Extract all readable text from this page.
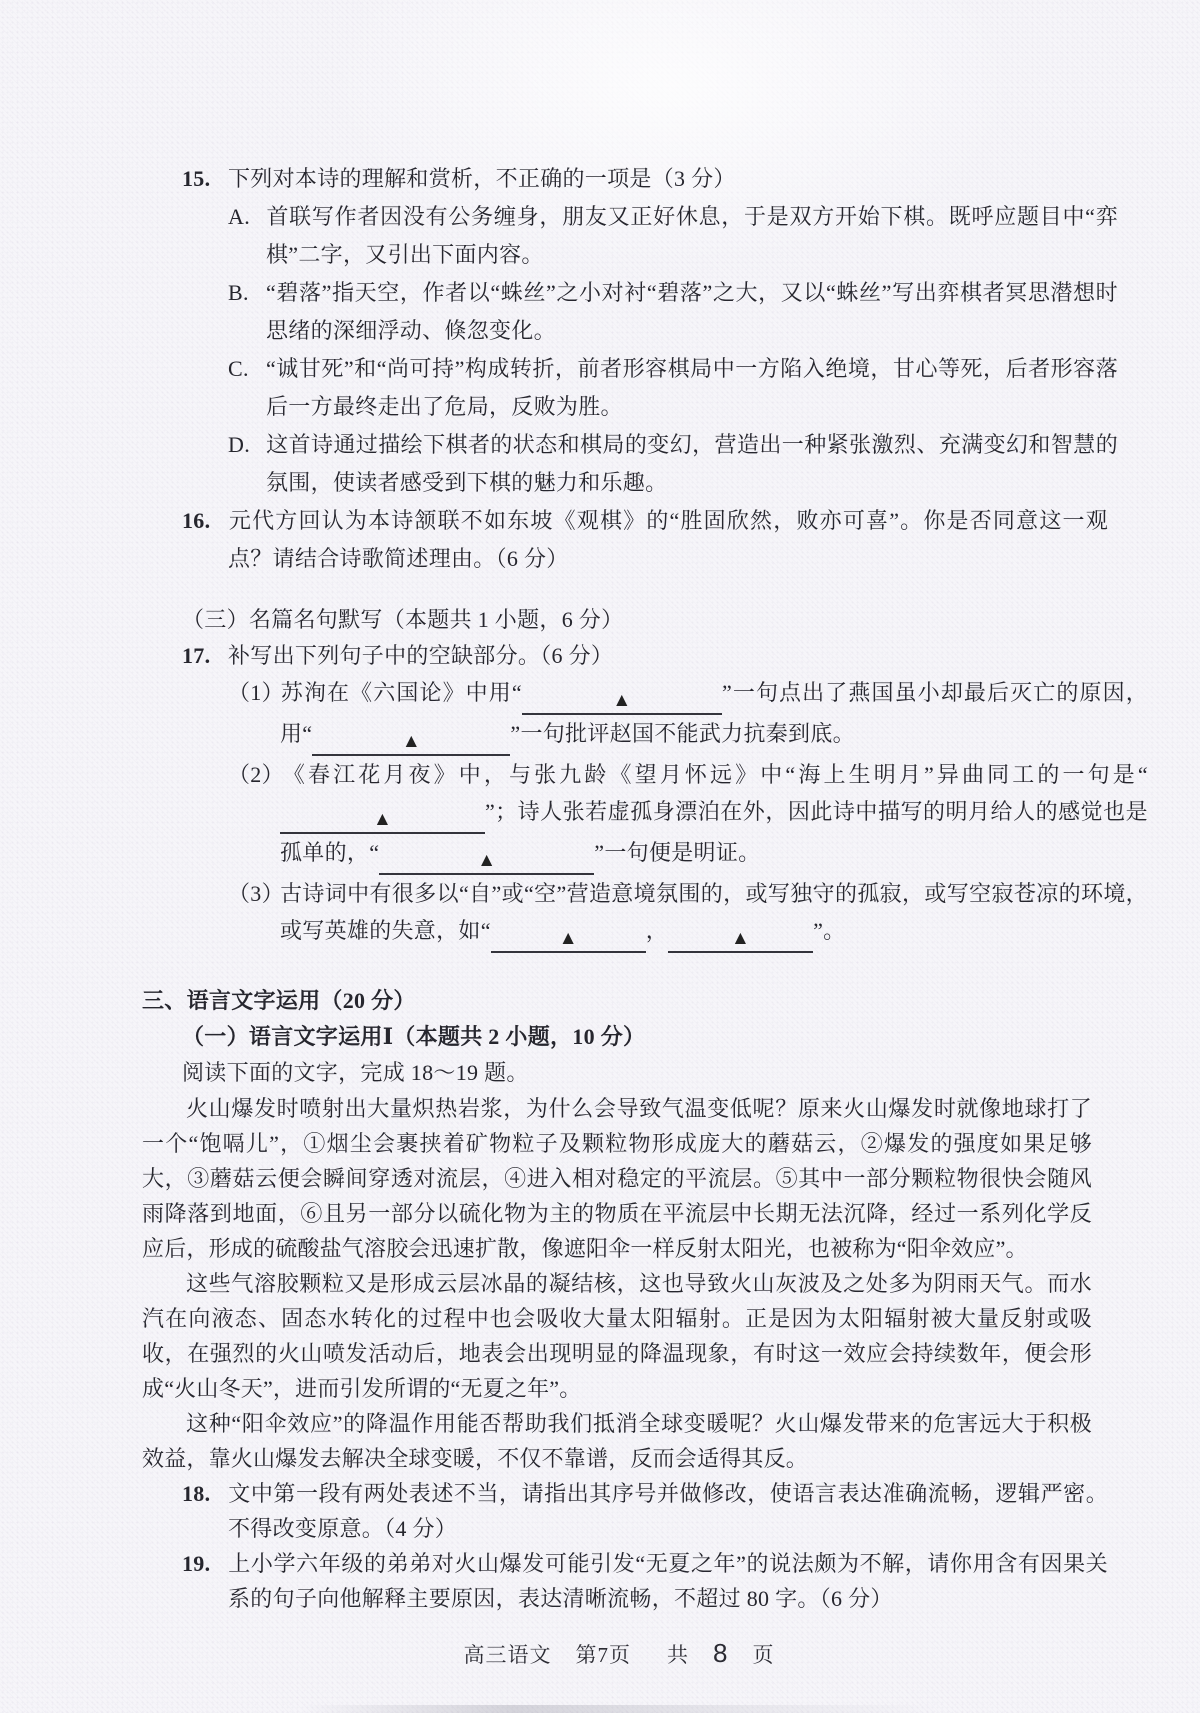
15. 下列对本诗的理解和赏析，不正确的一项是（3 分）
A. 首联写作者因没有公务缠身，朋友又正好休息，于是双方开始下棋。既呼应题目中“弈棋”二字，又引出下面内容。
B. “碧落”指天空，作者以“蛛丝”之小对衬“碧落”之大，又以“蛛丝”写出弈棋者冥思潜想时思绪的深细浮动、倏忽变化。
C. “诚甘死”和“尚可持”构成转折，前者形容棋局中一方陷入绝境，甘心等死，后者形容落后一方最终走出了危局，反败为胜。
D. 这首诗通过描绘下棋者的状态和棋局的变幻，营造出一种紧张激烈、充满变幻和智慧的氛围，使读者感受到下棋的魅力和乐趣。
16. 元代方回认为本诗颔联不如东坡《观棋》的“胜固欣然，败亦可喜”。你是否同意这一观点？请结合诗歌简述理由。（6 分）
（三）名篇名句默写（本题共 1 小题，6 分）
17. 补写出下列句子中的空缺部分。（6 分）
（1）苏洵在《六国论》中用“	▲	”一句点出了燕国虽小却最后灭亡的原因，用“	▲	”一句批评赵国不能武力抗秦到底。
（2）《春江花月夜》中，与张九龄《望月怀远》中“海上生明月”异曲同工的一句是“▲	”；诗人张若虚孤身漂泊在外，因此诗中描写的明月给人的感觉也是孤单的，“	▲	”一句便是明证。
（3）古诗词中有很多以“自”或“空”营造意境氛围的，或写独守的孤寂，或写空寂苍凉的环境，或写英雄的失意，如“	▲	，	▲	”。
三、语言文字运用（20 分）
（一）语言文字运用Ⅰ（本题共 2 小题，10 分）
阅读下面的文字，完成 18～19 题。

火山爆发时喷射出大量炽热岩浆，为什么会导致气温变低呢？原来火山爆发时就像地球打了一个“饱嗝儿”，①烟尘会裹挟着矿物粒子及颗粒物形成庞大的蘑菇云，②爆发的强度如果足够大，③蘑菇云便会瞬间穿透对流层，④进入相对稳定的平流层。⑤其中一部分颗粒物很快会随风雨降落到地面，⑥且另一部分以硫化物为主的物质在平流层中长期无法沉降，经过一系列化学反应后，形成的硫酸盐气溶胶会迅速扩散，像遮阳伞一样反射太阳光，也被称为“阳伞效应”。

这些气溶胶颗粒又是形成云层冰晶的凝结核，这也导致火山灰波及之处多为阴雨天气。而水汽在向液态、固态水转化的过程中也会吸收大量太阳辐射。正是因为太阳辐射被大量反射或吸收，在强烈的火山喷发活动后，地表会出现明显的降温现象，有时这一效应会持续数年，便会形成“火山冬天”，进而引发所谓的“无夏之年”。

这种“阳伞效应”的降温作用能否帮助我们抵消全球变暖呢？火山爆发带来的危害远大于积极效益，靠火山爆发去解决全球变暖，不仅不靠谱，反而会适得其反。

18. 文中第一段有两处表述不当，请指出其序号并做修改，使语言表达准确流畅，逻辑严密。不得改变原意。（4 分）
19. 上小学六年级的弟弟对火山爆发可能引发“无夏之年”的说法颇为不解，请你用含有因果关系的句子向他解释主要原因，表达清晰流畅，不超过 80 字。（6 分）
高三语文 第7页 共 8 页
